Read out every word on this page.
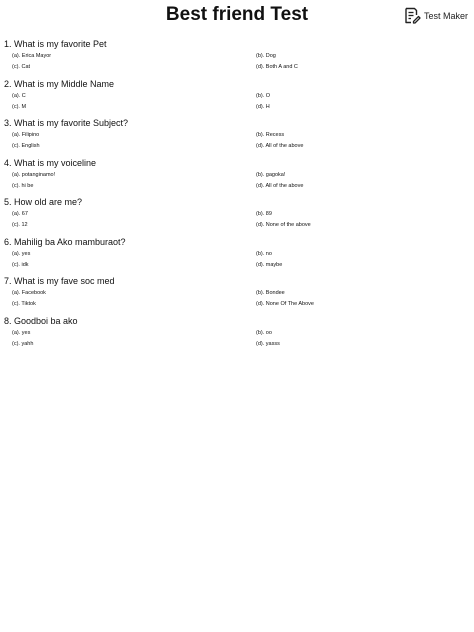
Best friend Test	Test Maker
1. What is my favorite Pet
(a). Erica Mayor	(b). Dog
(c). Cat	(d). Both A and C
2. What is my Middle Name
(a). C	(b). O
(c). M	(d). H
3. What is my favorite Subject?
(a). Filipino	(b). Recess
(c). English	(d). All of the above
4. What is my voiceline
(a). potanginamo!	(b). gagoka!
(c). hi be	(d). All of the above
5. How old are me?
(a). 67	(b). 89
(c). 12	(d). None of the above
6. Mahilig ba Ako mamburaot?
(a). yes	(b). no
(c). idk	(d). maybe
7. What is my fave soc med
(a). Facebook	(b). Bondee
(c). Tiktok	(d). None Of The Above
8. Goodboi ba ako
(a). yes	(b). oo
(c). yahh	(d). yasss
